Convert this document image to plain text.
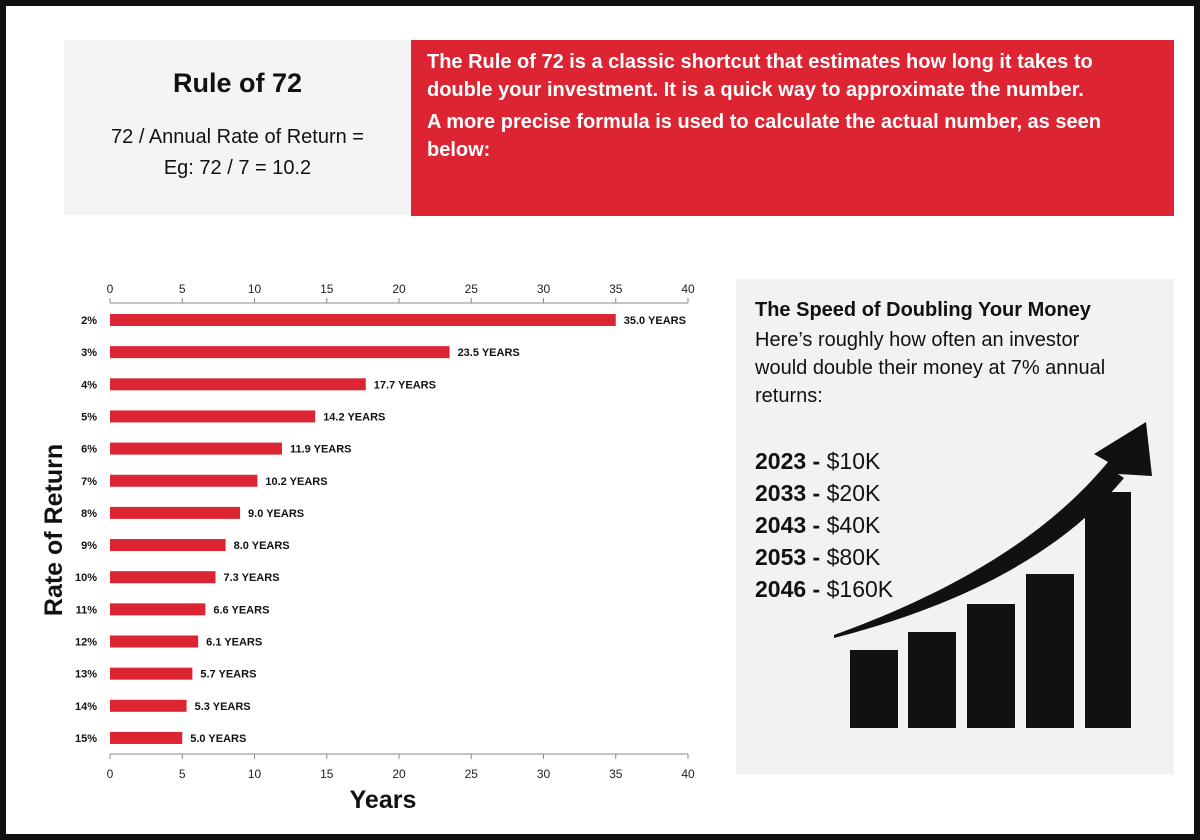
Rule of 72
72 / Annual Rate of Return =
Eg: 72 / 7 = 10.2

The Rule of 72 is a classic shortcut that estimates how long it takes to double your investment. It is a quick way to approximate the number.

A more precise formula is used to calculate the actual number, as seen below:

0
0
5
5
10
10
15
15
20
20
25
25
30
30
35
35
40
40
2%	35.0 YEARS
3%	23.5 YEARS
4%	17.7 YEARS
5%	14.2 YEARS
6%	11.9 YEARS
7%	10.2 YEARS
8%	9.0 YEARS
9%	8.0 YEARS
10%	7.3 YEARS
11%	6.6 YEARS
12%	6.1 YEARS
13%	5.7 YEARS
14%	5.3 YEARS
15%	5.0 YEARS
Years
Rate of Return
The Speed of Doubling Your Money
Here’s roughly how often an investor would double their money at 7% annual returns:
2023 - $10K
2033 - $20K
2043 - $40K
2053 - $80K
2046 - $160K
